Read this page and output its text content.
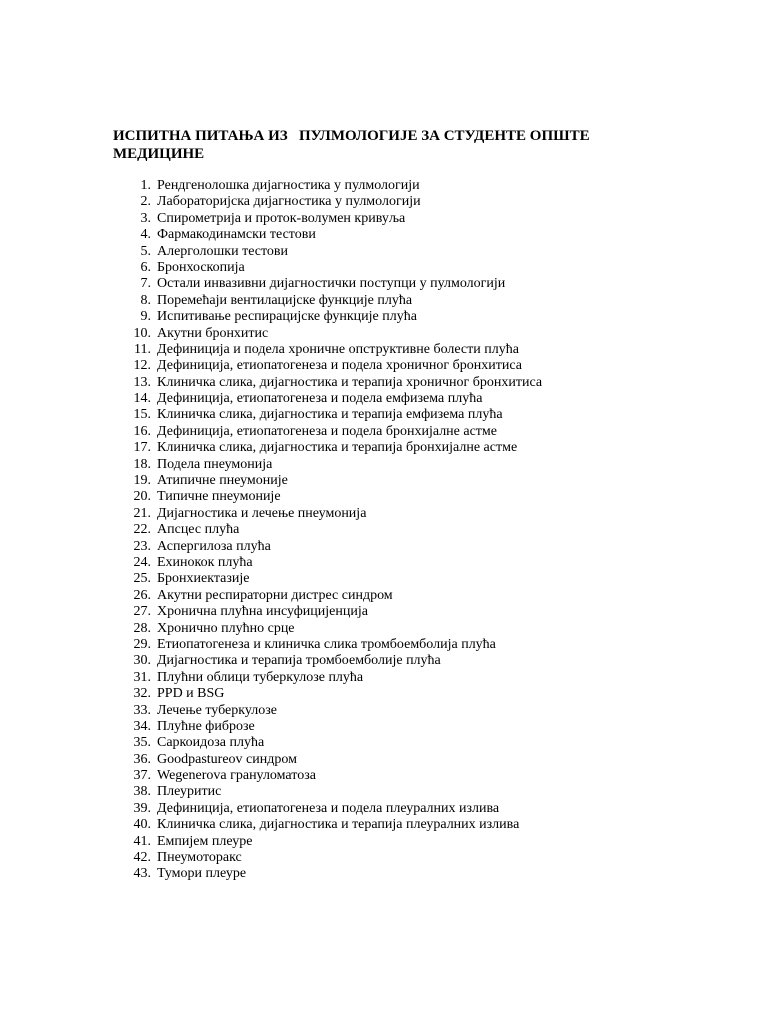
ИСПИТНА ПИТАЊА ИЗ   ПУЛМОЛОГИЈЕ ЗА СТУДЕНТЕ ОПШТЕ МЕДИЦИНЕ
1. Рендгенолошка дијагностика у пулмологији
2. Лабораторијска дијагностика у пулмологији
3. Спирометрија и проток-волумен кривуља
4. Фармакодинамски тестови
5. Алерголошки тестови
6. Бронхоскопија
7. Остали инвазивни дијагностички поступци у пулмологији
8. Поремећаји вентилацијске функције плућа
9. Испитивање респирацијске функције плућа
10. Акутни бронхитис
11. Дефиниција и подела хроничне опструктивне болести плућа
12. Дефиниција, етиопатогенеза и подела хроничног бронхитиса
13. Клиничка слика, дијагностика и терапија хроничног бронхитиса
14. Дефиниција, етиопатогенеза и подела емфизема плућа
15. Клиничка слика, дијагностика и терапија емфизема плућа
16. Дефиниција, етиопатогенеза и подела бронхијалне астме
17. Клиничка слика, дијагностика и терапија бронхијалне астме
18. Подела пнеумонија
19. Атипичне пнеумоније
20. Типичне пнеумоније
21. Дијагностика и лечење пнеумонија
22. Апсцес плућа
23. Аспергилоза плућа
24. Ехинокок плућа
25. Бронхиектазије
26. Акутни респираторни дистрес синдром
27. Хронична плућна инсуфицијенција
28. Хронично плућно срце
29. Етиопатогенеза и клиничка слика тромбоемболија плућа
30. Дијагностика и терапија тромбоемболије плућа
31. Плућни облици туберкулозе плућа
32. PPD и BSG
33. Лечење туберкулозе
34. Плућне фиброзе
35. Саркоидоза плућа
36. Goodpastureov синдром
37. Wegenerova грануломатоза
38. Плеуритис
39. Дефиниција, етиопатогенеза и подела плеуралних излива
40. Клиничка слика, дијагностика и терапија плеуралних излива
41. Емпијем плеуре
42. Пнеумоторакс
43. Тумори плеуре
